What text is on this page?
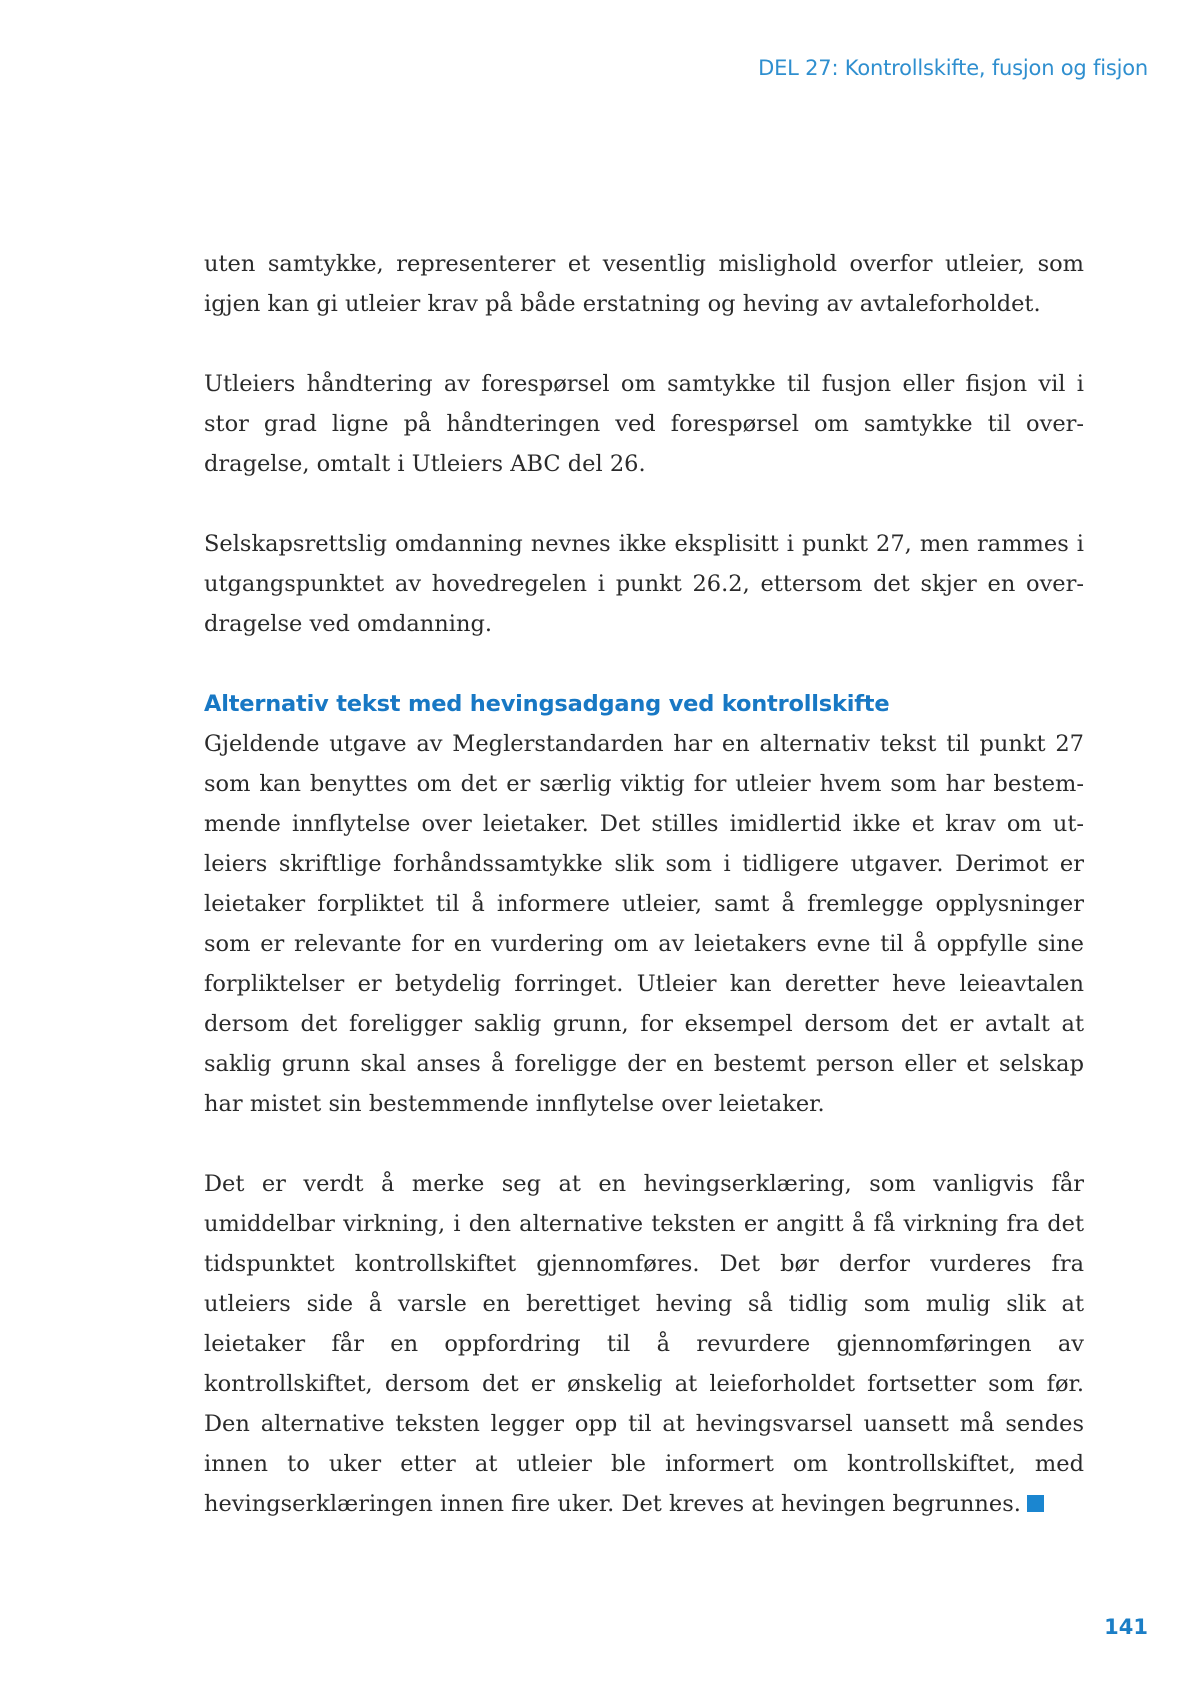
DEL 27: Kontrollskifte, fusjon og fisjon

uten samtykke, representerer et vesentlig mislighold overfor utleier, som igjen kan gi utleier krav på både erstatning og heving av avtaleforholdet.

Utleiers håndtering av forespørsel om samtykke til fusjon eller fisjon vil i stor grad ligne på håndteringen ved forespørsel om samtykke til overdragelse, omtalt i Utleiers ABC del 26.

Selskapsrettslig omdanning nevnes ikke eksplisitt i punkt 27, men rammes i utgangspunktet av hovedregelen i punkt 26.2, ettersom det skjer en overdragelse ved omdanning.

Alternativ tekst med hevingsadgang ved kontrollskifte

Gjeldende utgave av Meglerstandarden har en alternativ tekst til punkt 27 som kan benyttes om det er særlig viktig for utleier hvem som har bestemmende innflytelse over leietaker. Det stilles imidlertid ikke et krav om utleiers skriftlige forhåndssamtykke slik som i tidligere utgaver. Derimot er leietaker forpliktet til å informere utleier, samt å fremlegge opplysninger som er relevante for en vurdering om av leietakers evne til å oppfylle sine forpliktelser er betydelig forringet. Utleier kan deretter heve leieavtalen dersom det foreligger saklig grunn, for eksempel dersom det er avtalt at saklig grunn skal anses å foreligge der en bestemt person eller et selskap har mistet sin bestemmende innflytelse over leietaker.

Det er verdt å merke seg at en hevingserklæring, som vanligvis får umiddelbar virkning, i den alternative teksten er angitt å få virkning fra det tidspunktet kontrollskiftet gjennomføres. Det bør derfor vurderes fra utleiers side å varsle en berettiget heving så tidlig som mulig slik at leietaker får en oppfordring til å revurdere gjennomføringen av kontrollskiftet, dersom det er ønskelig at leieforholdet fortsetter som før. Den alternative teksten legger opp til at hevingsvarsel uansett må sendes innen to uker etter at utleier ble informert om kontrollskiftet, med hevingserklæringen innen fire uker. Det kreves at hevingen begrunnes.

141
